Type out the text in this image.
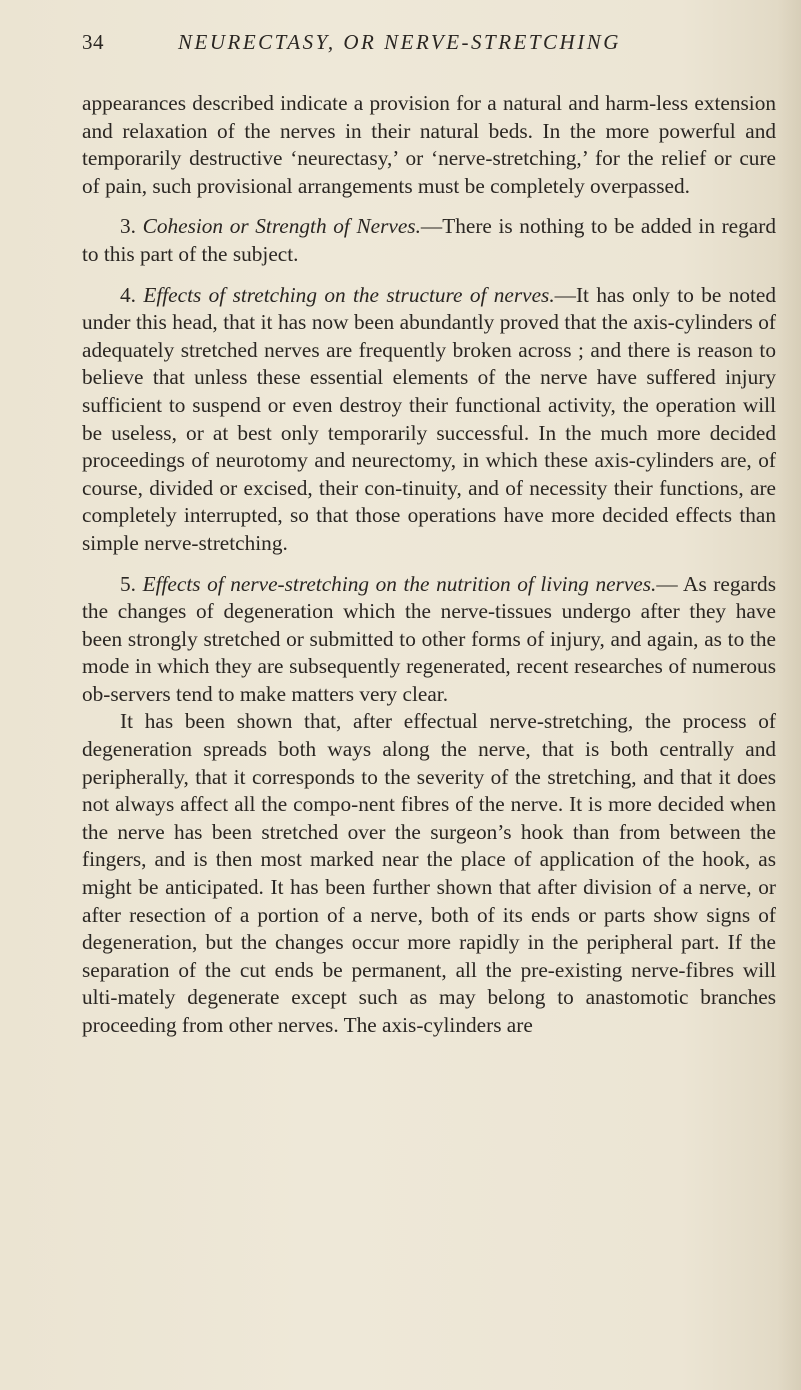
34	NEURECTASY, OR NERVE-STRETCHING

appearances described indicate a provision for a natural and harm-less extension and relaxation of the nerves in their natural beds. In the more powerful and temporarily destructive ‘neurectasy,’ or ‘nerve-stretching,’ for the relief or cure of pain, such provisional arrangements must be completely overpassed.

3. Cohesion or Strength of Nerves.—There is nothing to be added in regard to this part of the subject.

4. Effects of stretching on the structure of nerves.—It has only to be noted under this head, that it has now been abundantly proved that the axis-cylinders of adequately stretched nerves are frequently broken across ; and there is reason to believe that unless these essential elements of the nerve have suffered injury sufficient to suspend or even destroy their functional activity, the operation will be useless, or at best only temporarily successful. In the much more decided proceedings of neurotomy and neurectomy, in which these axis-cylinders are, of course, divided or excised, their con-tinuity, and of necessity their functions, are completely interrupted, so that those operations have more decided effects than simple nerve-stretching.

5. Effects of nerve-stretching on the nutrition of living nerves.— As regards the changes of degeneration which the nerve-tissues undergo after they have been strongly stretched or submitted to other forms of injury, and again, as to the mode in which they are subsequently regenerated, recent researches of numerous ob-servers tend to make matters very clear.

It has been shown that, after effectual nerve-stretching, the process of degeneration spreads both ways along the nerve, that is both centrally and peripherally, that it corresponds to the severity of the stretching, and that it does not always affect all the compo-nent fibres of the nerve. It is more decided when the nerve has been stretched over the surgeon’s hook than from between the fingers, and is then most marked near the place of application of the hook, as might be anticipated. It has been further shown that after division of a nerve, or after resection of a portion of a nerve, both of its ends or parts show signs of degeneration, but the changes occur more rapidly in the peripheral part. If the separation of the cut ends be permanent, all the pre-existing nerve-fibres will ulti-mately degenerate except such as may belong to anastomotic branches proceeding from other nerves. The axis-cylinders are
